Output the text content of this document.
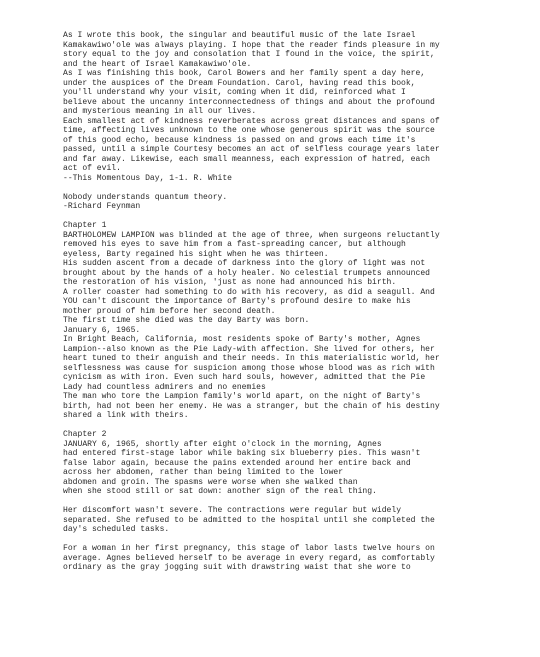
As I wrote this book, the singular and beautiful music of the late Israel
Kamakawiwo'ole was always playing. I hope that the reader finds pleasure in my
story equal to the joy and consolation that I found in the voice, the spirit,
and the heart of Israel Kamakawiwo'ole.
As I was finishing this book, Carol Bowers and her family spent a day here,
under the auspices of the Dream Foundation. Carol, having read this book,
you'll understand why your visit, coming when it did, reinforced what I
believe about the uncanny interconnectedness of things and about the profound
and mysterious meaning in all our lives.
Each smallest act of kindness reverberates across great distances and spans of
time, affecting lives unknown to the one whose generous spirit was the source
of this good echo, because kindness is passed on and grows each time it's
passed, until a simple Courtesy becomes an act of selfless courage years later
and far away. Likewise, each small meanness, each expression of hatred, each
act of evil.
--This Momentous Day, 1-1. R. White
Nobody understands quantum theory.
-Richard Feynman
Chapter 1
BARTHOLOMEW LAMPION was blinded at the age of three, when surgeons reluctantly
removed his eyes to save him from a fast-spreading cancer, but although
eyeless, Barty regained his sight when he was thirteen.
His sudden ascent from a decade of darkness into the glory of light was not
brought about by the hands of a holy healer. No celestial trumpets announced
the restoration of his vision, 'just as none had announced his birth.
A roller coaster had something to do with his recovery, as did a seagull. And
YOU can't discount the importance of Barty's profound desire to make his
mother proud of him before her second death.
The first time she died was the day Barty was born.
January 6, 1965.
In Bright Beach, California, most residents spoke of Barty's mother, Agnes
Lampion--also known as the Pie Lady-with affection. She lived for others, her
heart tuned to their anguish and their needs. In this materialistic world, her
selflessness was cause for suspicion among those whose blood was as rich with
cynicism as with iron. Even such hard souls, however, admitted that the Pie
Lady had countless admirers and no enemies
The man who tore the Lampion family's world apart, on the night of Barty's
birth, had not been her enemy. He was a stranger, but the chain of his destiny
shared a link with theirs.
Chapter 2
JANUARY 6, 1965, shortly after eight o'clock in the morning, Agnes
had entered first-stage labor while baking six blueberry pies. This wasn't
false labor again, because the pains extended around her entire back and
across her abdomen, rather than being limited to the lower
abdomen and groin. The spasms were worse when she walked than
when she stood still or sat down: another sign of the real thing.
Her discomfort wasn't severe. The contractions were regular but widely
separated. She refused to be admitted to the hospital until she completed the
day's scheduled tasks.
For a woman in her first pregnancy, this stage of labor lasts twelve hours on
average. Agnes believed herself to be average in every regard, as comfortably
ordinary as the gray jogging suit with drawstring waist that she wore to
